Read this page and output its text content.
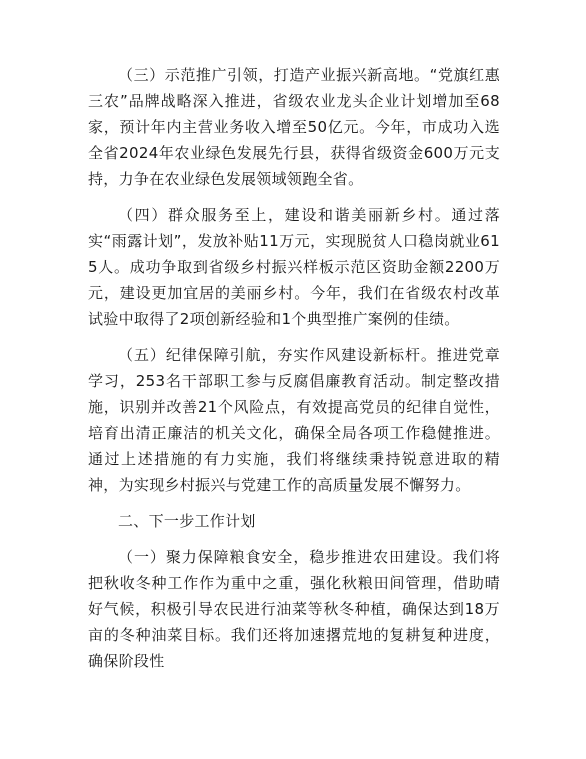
（三）示范推广引领，打造产业振兴新高地。“党旗红惠三农”品牌战略深入推进，省级农业龙头企业计划增加至68家，预计年内主营业务收入增至50亿元。今年，市成功入选全省2024年农业绿色发展先行县，获得省级资金600万元支持，力争在农业绿色发展领域领跑全省。

（四）群众服务至上，建设和谐美丽新乡村。通过落实“雨露计划”，发放补贴11万元，实现脱贫人口稳岗就业615人。成功争取到省级乡村振兴样板示范区资助金额2200万元，建设更加宜居的美丽乡村。今年，我们在省级农村改革试验中取得了2项创新经验和1个典型推广案例的佳绩。

（五）纪律保障引航，夯实作风建设新标杆。推进党章学习，253名干部职工参与反腐倡廉教育活动。制定整改措施，识别并改善21个风险点，有效提高党员的纪律自觉性，培育出清正廉洁的机关文化，确保全局各项工作稳健推进。通过上述措施的有力实施，我们将继续秉持锐意进取的精神，为实现乡村振兴与党建工作的高质量发展不懈努力。

二、下一步工作计划

（一）聚力保障粮食安全，稳步推进农田建设。我们将把秋收冬种工作作为重中之重，强化秋粮田间管理，借助晴好气候，积极引导农民进行油菜等秋冬种植，确保达到18万亩的冬种油菜目标。我们还将加速撂荒地的复耕复种进度，确保阶段性
